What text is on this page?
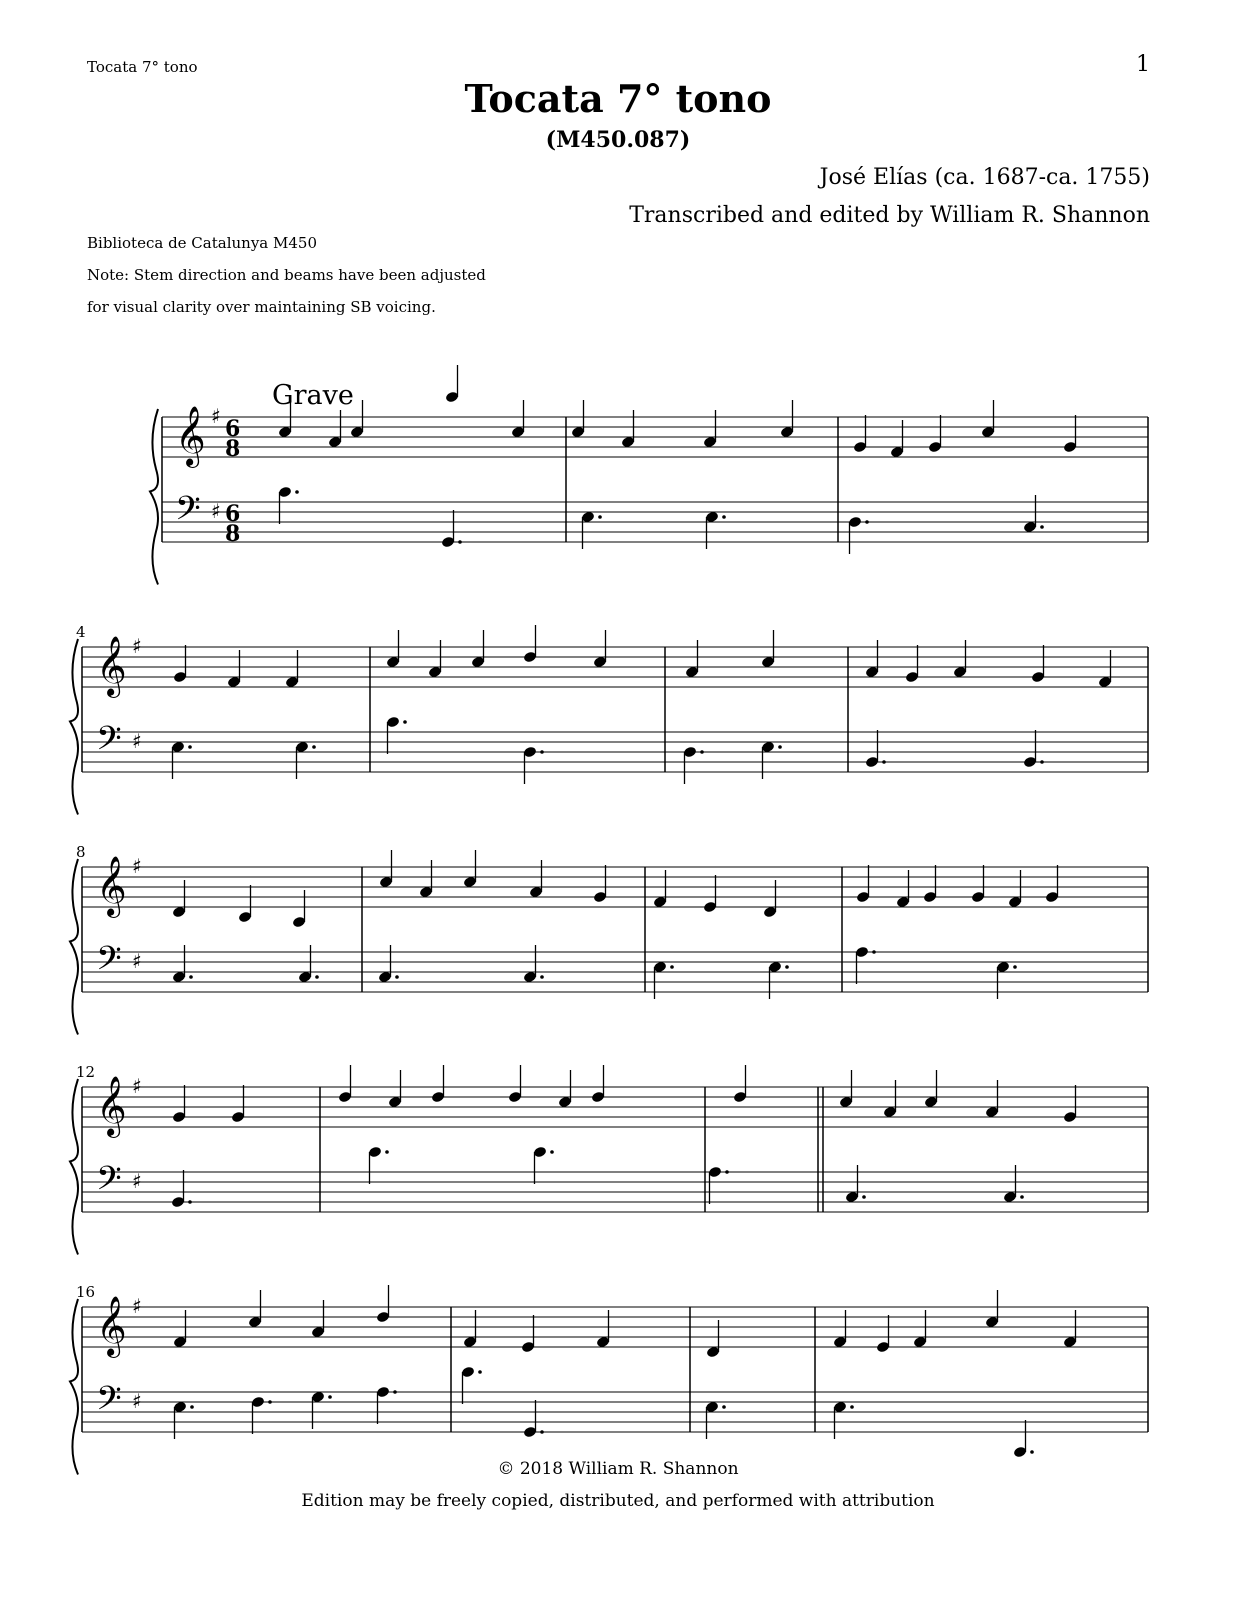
Tocata 7° tono	1
Tocata 7° tono
(M450.087)
José Elías (ca. 1687-ca. 1755)
Transcribed and edited by William R. Shannon
Biblioteca de Catalunya M450
Note: Stem direction and beams have been adjusted
for visual clarity over maintaining SB voicing.
Grave
𝄞
𝄢
♯
♯
6
8
6
8
𝄞
𝄢
♯
♯
4
𝄞
𝄢
♯
♯
8
𝄞
𝄢
♯
♯
12
𝄞
𝄢
♯
♯
16
© 2018 William R. Shannon
Edition may be freely copied, distributed, and performed with attribution
